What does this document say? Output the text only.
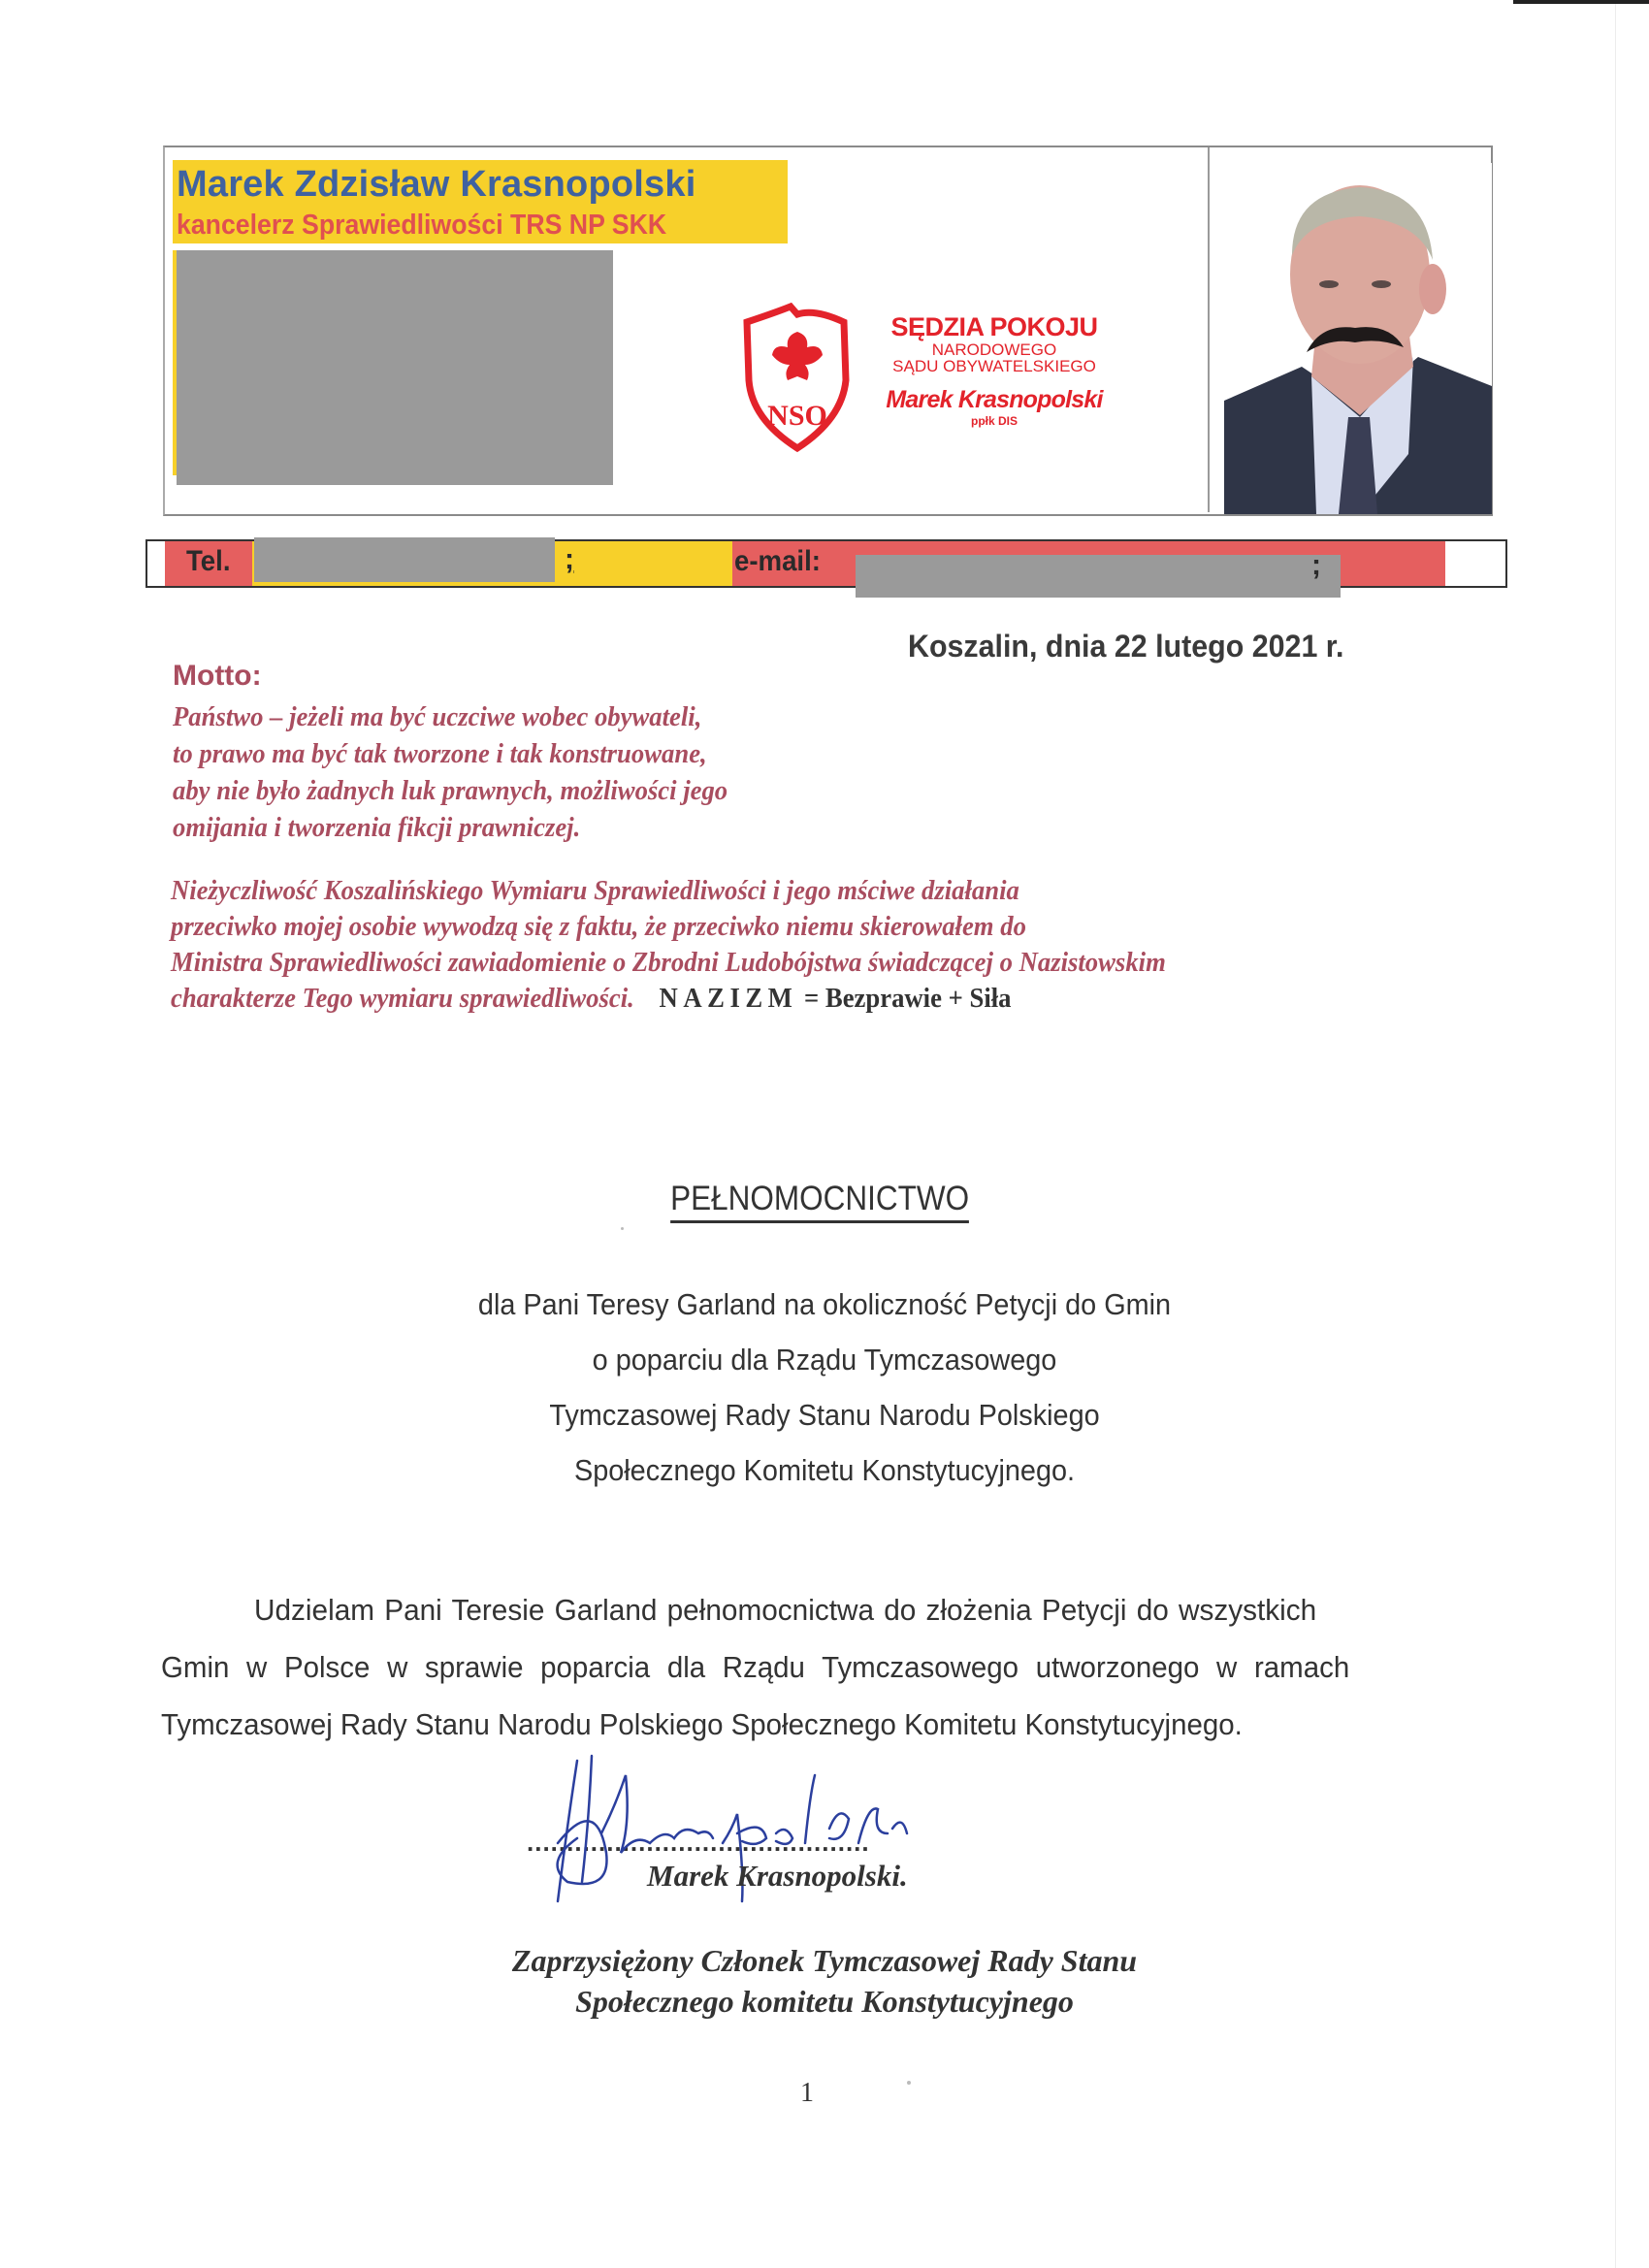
Marek Zdzisław Krasnopolski
kancelerz Sprawiedliwości TRS NP SKK
NSO
SĘDZIA POKOJU
NARODOWEGO
SĄDU OBYWATELSKIEGO
Marek Krasnopolski
ppłk DIS
Tel.	;	e-mail:	;
Koszalin, dnia 22 lutego 2021 r.
Motto:
Państwo – jeżeli ma być uczciwe wobec obywateli,
to prawo ma być tak tworzone i tak konstruowane,
aby nie było żadnych luk prawnych, możliwości jego
omijania i tworzenia fikcji prawniczej.
Nieżyczliwość Koszalińskiego Wymiaru Sprawiedliwości i jego mściwe działania
przeciwko mojej osobie wywodzą się z faktu, że przeciwko niemu skierowałem do
Ministra Sprawiedliwości zawiadomienie o Zbrodni Ludobójstwa świadczącej o Nazistowskim
charakterze Tego wymiaru sprawiedliwości. NAZIZM = Bezprawie + Siła
PEŁNOMOCNICTWO
dla Pani Teresy Garland na okoliczność Petycji do Gmin
o poparciu dla Rządu Tymczasowego
Tymczasowej Rady Stanu Narodu Polskiego
Społecznego Komitetu Konstytucyjnego.
Udzielam Pani Teresie Garland pełnomocnictwa do złożenia Petycji do wszystkich
Gmin w Polsce w sprawie poparcia dla Rządu Tymczasowego utworzonego w ramach
Tymczasowej Rady Stanu Narodu Polskiego Społecznego Komitetu Konstytucyjnego.
...........................................
Marek Krasnopolski.
Zaprzysiężony Członek Tymczasowej Rady Stanu
Społecznego komitetu Konstytucyjnego
1
